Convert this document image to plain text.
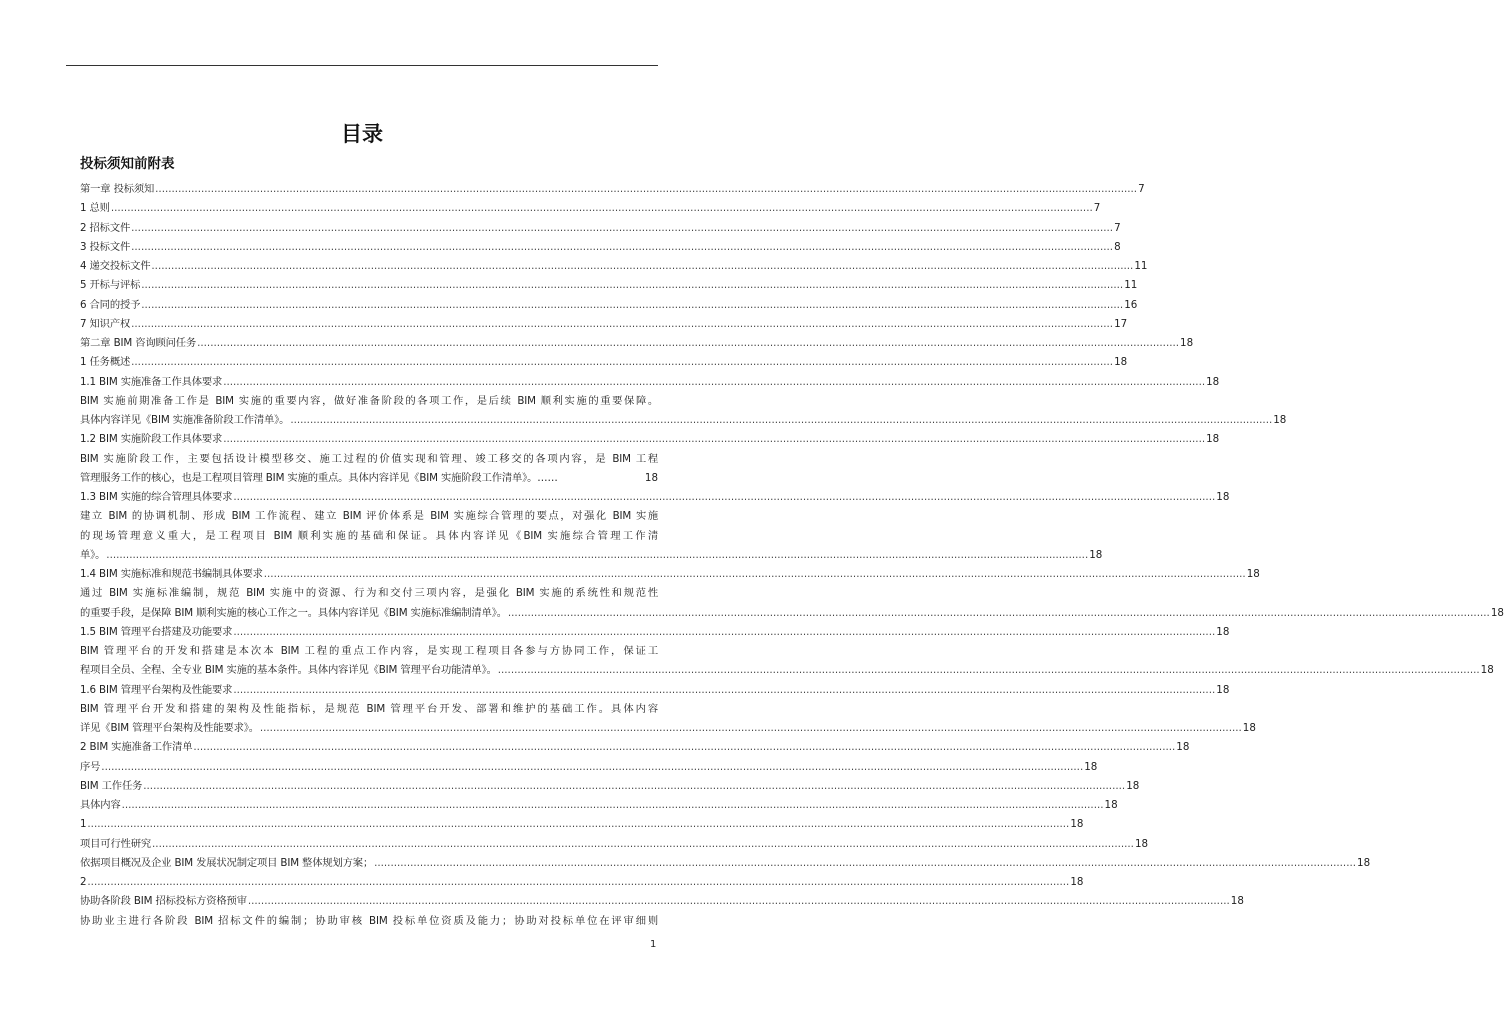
目录
投标须知前附表
第一章 投标须知 ............................................................................................................................................................................................................................................................................................................ 7
1 总则 ............................................................................................................................................................................................................................................................................................................ 7
2 招标文件 ............................................................................................................................................................................................................................................................................................................ 7
3 投标文件 ............................................................................................................................................................................................................................................................................................................ 8
4 递交投标文件 ............................................................................................................................................................................................................................................................................................................ 11
5 开标与评标 ............................................................................................................................................................................................................................................................................................................ 11
6 合同的授予 ............................................................................................................................................................................................................................................................................................................ 16
7 知识产权 ............................................................................................................................................................................................................................................................................................................ 17
第二章 BIM 咨询顾问任务 ............................................................................................................................................................................................................................................................................................................ 18
1 任务概述 ............................................................................................................................................................................................................................................................................................................ 18
1.1 BIM 实施准备工作具体要求 ............................................................................................................................................................................................................................................................................................................ 18
BIM 实施前期准备工作是 BIM 实施的重要内容，做好准备阶段的各项工作，是后续 BIM 顺利实施的重要保障。
具体内容详见《BIM 实施准备阶段工作清单》。 ............................................................................................................................................................................................................................................................................................................ 18
1.2 BIM 实施阶段工作具体要求 ............................................................................................................................................................................................................................................................................................................ 18
BIM 实施阶段工作，主要包括设计模型移交、施工过程的价值实现和管理、竣工移交的各项内容，是 BIM 工程
管理服务工作的核心，也是工程项目管理 BIM 实施的重点。具体内容详见《BIM 实施阶段工作清单》。……	18
1.3 BIM 实施的综合管理具体要求 ............................................................................................................................................................................................................................................................................................................ 18
建立 BIM 的协调机制、形成 BIM 工作流程、建立 BIM 评价体系是 BIM 实施综合管理的要点，对强化 BIM 实施
的现场管理意义重大，是工程项目 BIM 顺利实施的基础和保证。具体内容详见《BIM 实施综合管理工作清
单》。 ............................................................................................................................................................................................................................................................................................................ 18
1.4 BIM 实施标准和规范书编制具体要求 ............................................................................................................................................................................................................................................................................................................ 18
通过 BIM 实施标准编制，规范 BIM 实施中的资源、行为和交付三项内容，是强化 BIM 实施的系统性和规范性
的重要手段，是保障 BIM 顺利实施的核心工作之一。具体内容详见《BIM 实施标准编制清单》。 ............................................................................................................................................................................................................................................................................................................ 18
1.5 BIM 管理平台搭建及功能要求 ............................................................................................................................................................................................................................................................................................................ 18
BIM 管理平台的开发和搭建是本次本 BIM 工程的重点工作内容，是实现工程项目各参与方协同工作，保证工
程项目全员、全程、全专业 BIM 实施的基本条件。具体内容详见《BIM 管理平台功能清单》。 ............................................................................................................................................................................................................................................................................................................ 18
1.6 BIM 管理平台架构及性能要求 ............................................................................................................................................................................................................................................................................................................ 18
BIM 管理平台开发和搭建的架构及性能指标，是规范 BIM 管理平台开发、部署和维护的基础工作。具体内容
详见《BIM 管理平台架构及性能要求》。 ............................................................................................................................................................................................................................................................................................................ 18
2 BIM 实施准备工作清单 ............................................................................................................................................................................................................................................................................................................ 18
序号 ............................................................................................................................................................................................................................................................................................................ 18
BIM 工作任务 ............................................................................................................................................................................................................................................................................................................ 18
具体内容 ............................................................................................................................................................................................................................................................................................................ 18
1 ............................................................................................................................................................................................................................................................................................................ 18
项目可行性研究 ............................................................................................................................................................................................................................................................................................................ 18
依据项目概况及企业 BIM 发展状况制定项目 BIM 整体规划方案； ............................................................................................................................................................................................................................................................................................................ 18
2 ............................................................................................................................................................................................................................................................................................................ 18
协助各阶段 BIM 招标投标方资格预审 ............................................................................................................................................................................................................................................................................................................ 18
协助业主进行各阶段 BIM 招标文件的编制；协助审核 BIM 投标单位资质及能力；协助对投标单位在评审细则
1
